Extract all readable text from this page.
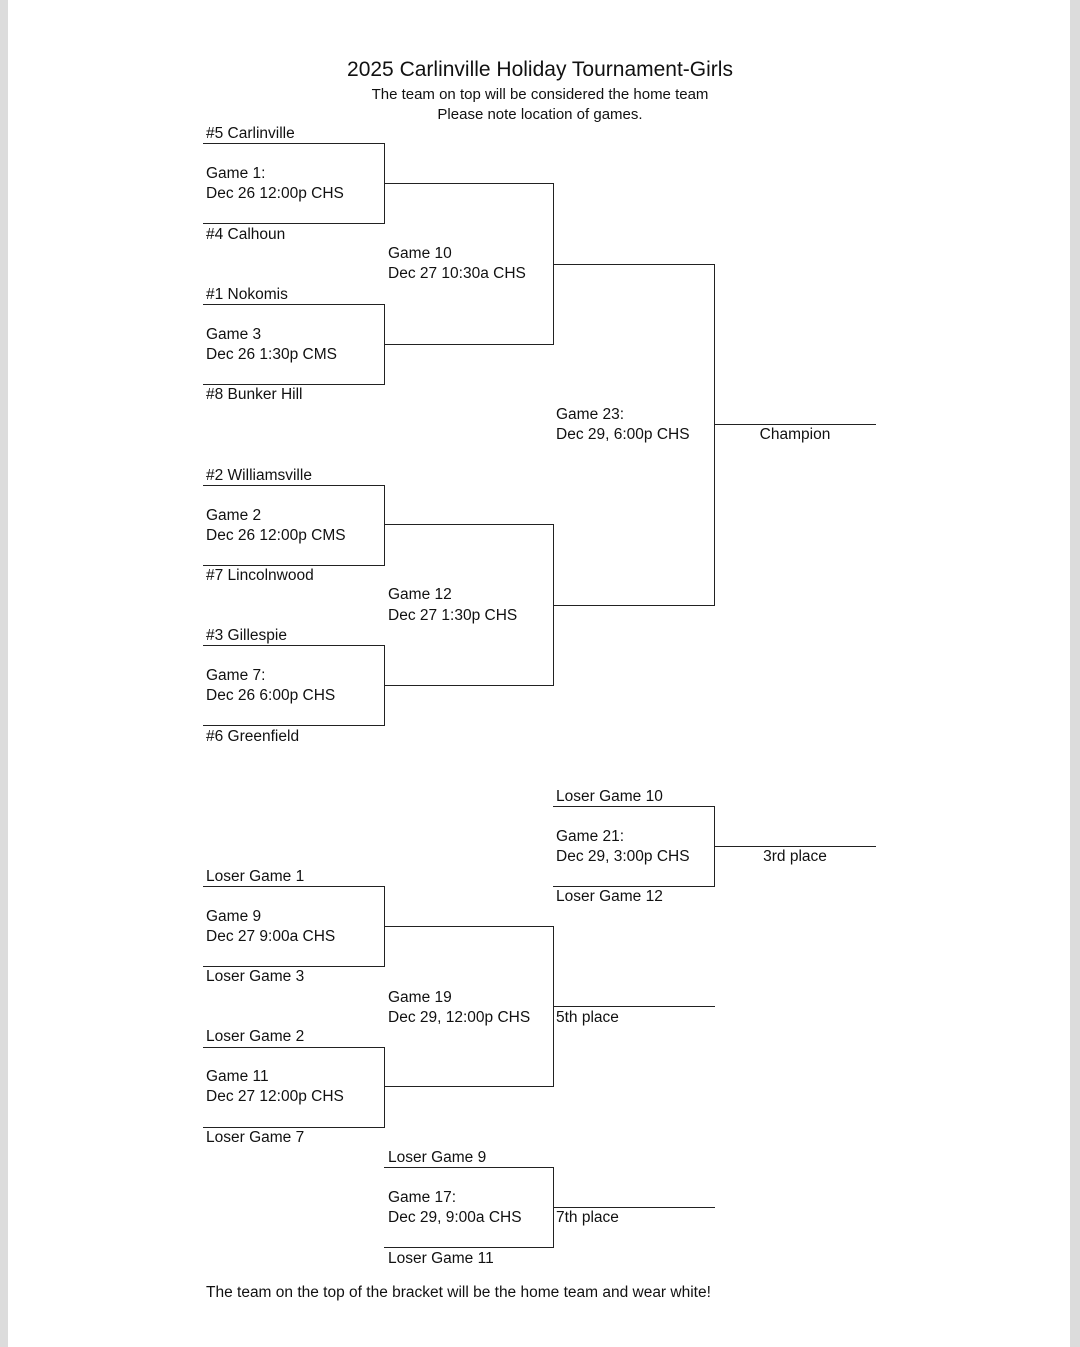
2025 Carlinville Holiday Tournament-Girls
The team on top will be considered the home team
Please note location of games.
#5 Carlinville
Game 1:
Dec 26 12:00p CHS
#4 Calhoun
#1 Nokomis
Game 3
Dec 26 1:30p CMS
#8 Bunker Hill
#2 Williamsville
Game 2
Dec 26 12:00p CMS
#7 Lincolnwood
#3 Gillespie
Game 7:
Dec 26 6:00p CHS
#6 Greenfield
Game 10
Dec 27 10:30a CHS
Game 12
Dec 27 1:30p CHS
Game 23:
Dec 29, 6:00p CHS	Champion
Loser Game 10
Game 21:
Dec 29, 3:00p CHS
Loser Game 12
3rd place
Loser Game 1
Game 9
Dec 27 9:00a CHS
Loser Game 3
Loser Game 2
Game 11
Dec 27 12:00p CHS
Loser Game 7
Game 19
Dec 29, 12:00p CHS 5th place
Loser Game 9
Game 17:
Dec 29, 9:00a CHS
Loser Game 11
7th place
The team on the top of the bracket will be the home team and wear white!
